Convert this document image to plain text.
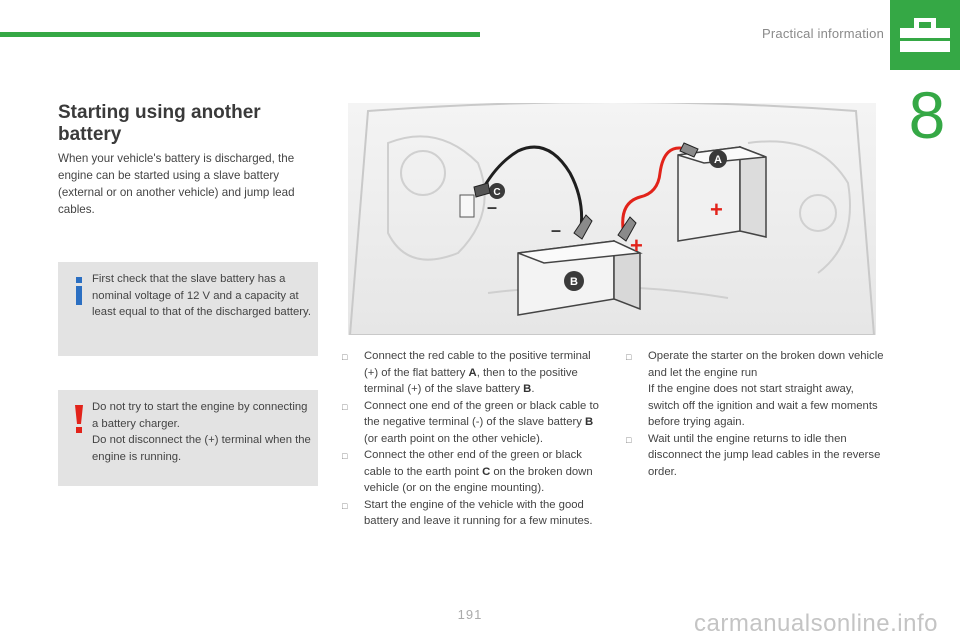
Practical information
8
Starting using another battery
When your vehicle's battery is discharged, the engine can be started using a slave battery (external or on another vehicle) and jump lead cables.
First check that the slave battery has a nominal voltage of 12 V and a capacity at least equal to that of the discharged battery.
Do not try to start the engine by connecting a battery charger.
Do not disconnect the (+) terminal when the engine is running.
A
B
C
–
–
+
+
□	Connect the red cable to the positive terminal (+) of the flat battery A, then to the positive terminal (+) of the slave battery B.
□	Connect one end of the green or black cable to the negative terminal (-) of the slave battery B (or earth point on the other vehicle).
□	Connect the other end of the green or black cable to the earth point C on the broken down vehicle (or on the engine mounting).
□	Start the engine of the vehicle with the good battery and leave it running for a few minutes.
□	Operate the starter on the broken down vehicle and let the engine run
If the engine does not start straight away, switch off the ignition and wait a few moments before trying again.
□	Wait until the engine returns to idle then disconnect the jump lead cables in the reverse order.
191	carmanualsonline.info
